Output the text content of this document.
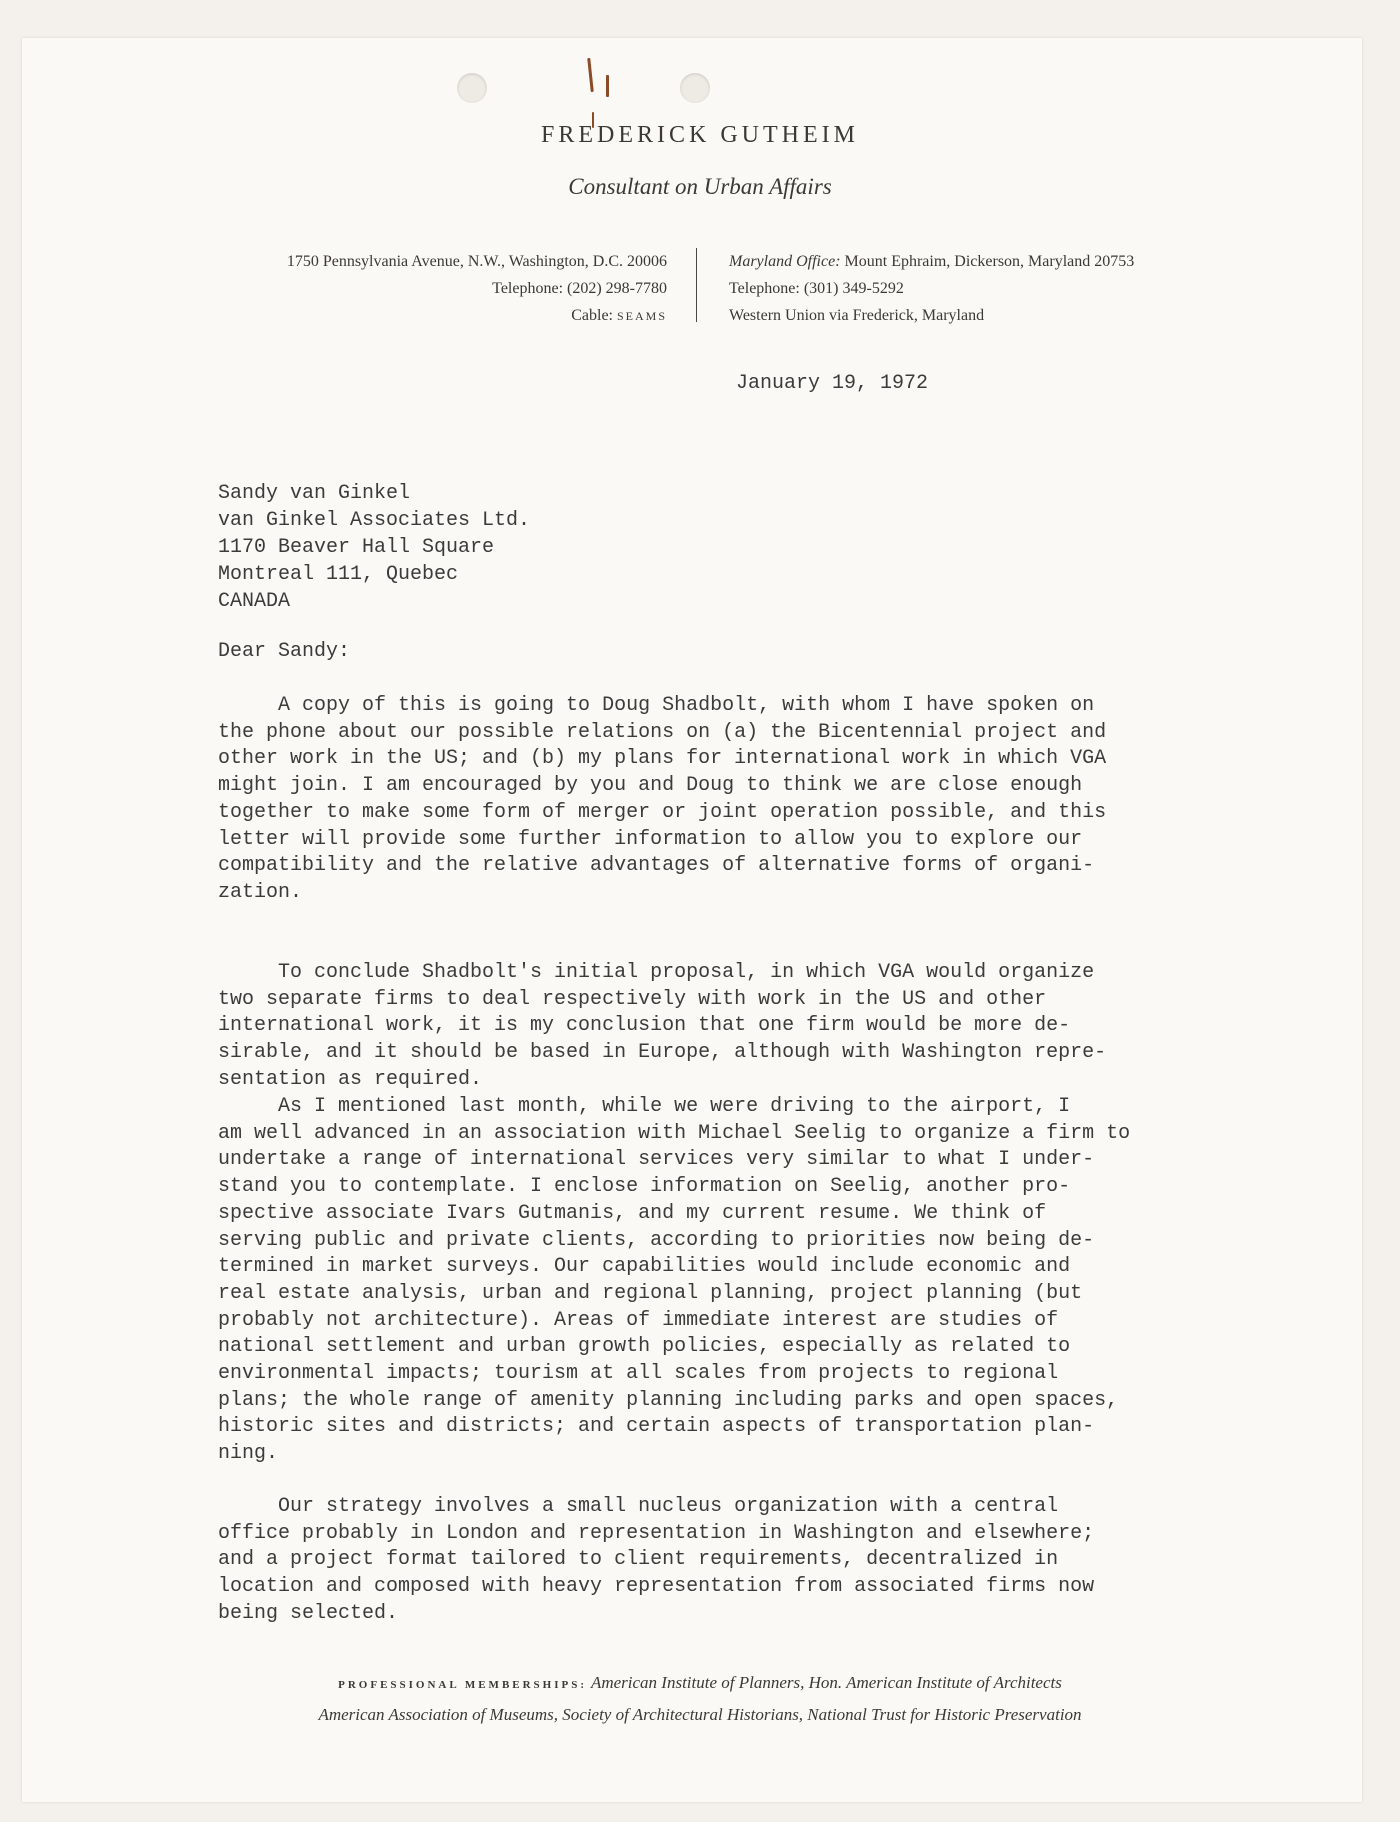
FREDERICK GUTHEIM
Consultant on Urban Affairs
1750 Pennsylvania Avenue, N.W., Washington, D.C. 20006
Telephone: (202) 298-7780
Cable: SEAMS
Maryland Office: Mount Ephraim, Dickerson, Maryland 20753
Telephone: (301) 349-5292
Western Union via Frederick, Maryland
January 19, 1972
Sandy van Ginkel
van Ginkel Associates Ltd.
1170 Beaver Hall Square
Montreal 111, Quebec
CANADA
Dear Sandy:
A copy of this is going to Doug Shadbolt, with whom I have spoken on
the phone about our possible relations on (a) the Bicentennial project and
other work in the US; and (b) my plans for international work in which VGA
might join. I am encouraged by you and Doug to think we are close enough
together to make some form of merger or joint operation possible, and this
letter will provide some further information to allow you to explore our
compatibility and the relative advantages of alternative forms of organi-
zation.
To conclude Shadbolt's initial proposal, in which VGA would organize
two separate firms to deal respectively with work in the US and other
international work, it is my conclusion that one firm would be more de-
sirable, and it should be based in Europe, although with Washington repre-
sentation as required.
As I mentioned last month, while we were driving to the airport, I
am well advanced in an association with Michael Seelig to organize a firm to
undertake a range of international services very similar to what I under-
stand you to contemplate. I enclose information on Seelig, another pro-
spective associate Ivars Gutmanis, and my current resume. We think of
serving public and private clients, according to priorities now being de-
termined in market surveys. Our capabilities would include economic and
real estate analysis, urban and regional planning, project planning (but
probably not architecture). Areas of immediate interest are studies of
national settlement and urban growth policies, especially as related to
environmental impacts; tourism at all scales from projects to regional
plans; the whole range of amenity planning including parks and open spaces,
historic sites and districts; and certain aspects of transportation plan-
ning.
Our strategy involves a small nucleus organization with a central
office probably in London and representation in Washington and elsewhere;
and a project format tailored to client requirements, decentralized in
location and composed with heavy representation from associated firms now
being selected.
PROFESSIONAL MEMBERSHIPS: American Institute of Planners, Hon. American Institute of Architects
American Association of Museums, Society of Architectural Historians, National Trust for Historic Preservation
